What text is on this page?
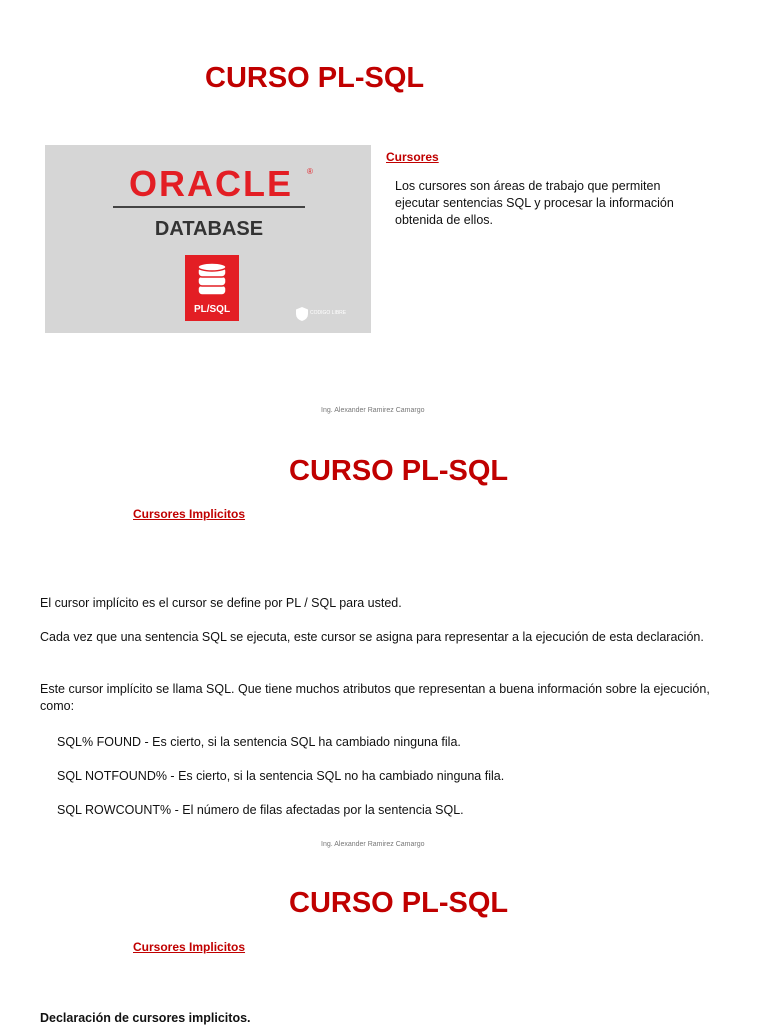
CURSO PL-SQL
ORACLE	®
DATABASE
PL/SQL	CODIGO LIBRE
Cursores
Los cursores son áreas de trabajo que permiten ejecutar sentencias SQL y procesar la información obtenida de ellos.
Ing. Alexander Ramirez Camargo
CURSO PL-SQL
Cursores Implicitos
El cursor implícito es el cursor se define por PL / SQL para usted.
Cada vez que una sentencia SQL se ejecuta, este cursor se asigna para representar a la ejecución de esta declaración.
Este cursor implícito se llama SQL. Que tiene muchos atributos que representan a buena información sobre la ejecución, como:
SQL% FOUND - Es cierto, si la sentencia SQL ha cambiado ninguna fila.
SQL NOTFOUND% - Es cierto, si la sentencia SQL no ha cambiado ninguna fila.
SQL ROWCOUNT% - El número de filas afectadas por la sentencia SQL.
Ing. Alexander Ramirez Camargo
CURSO PL-SQL
Cursores Implicitos
Declaración de cursores implicitos.
